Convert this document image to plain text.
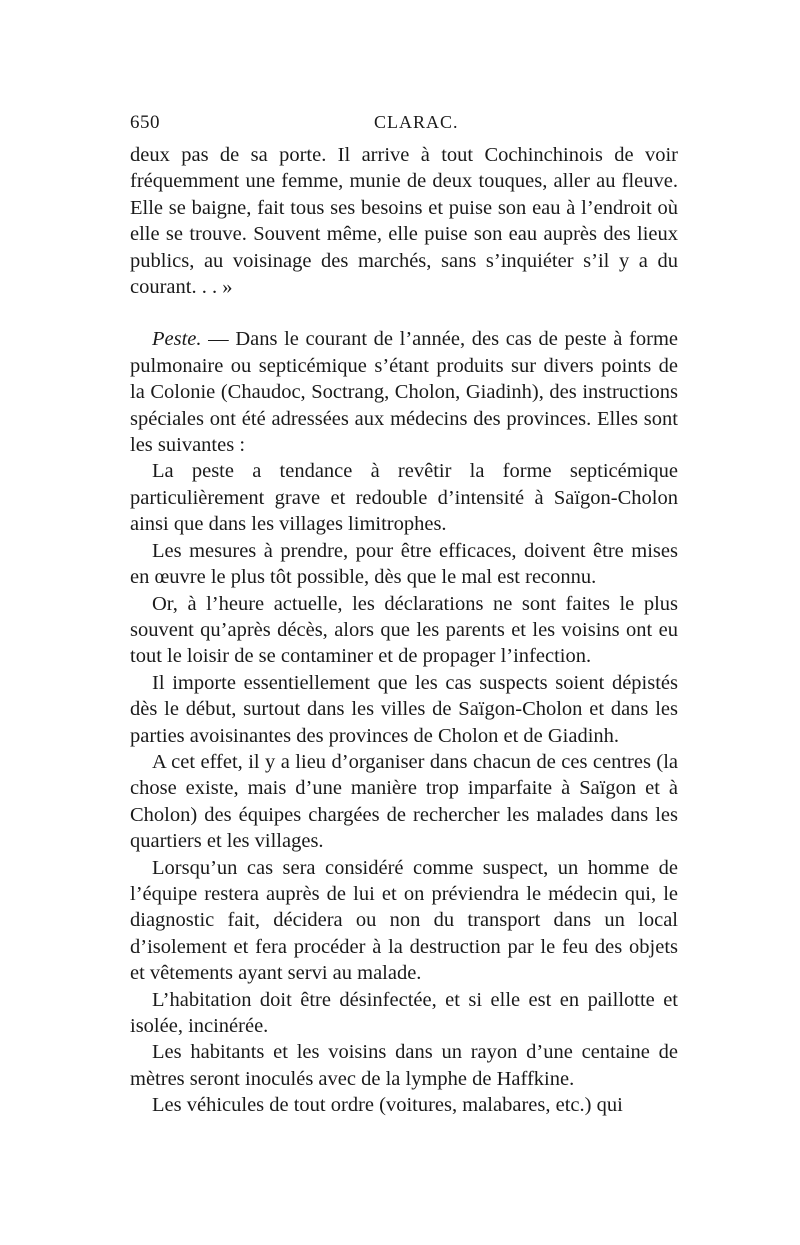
650	CLARAC.

deux pas de sa porte. Il arrive à tout Cochinchinois de voir fréquemment une femme, munie de deux touques, aller au fleuve. Elle se baigne, fait tous ses besoins et puise son eau à l’endroit où elle se trouve. Souvent même, elle puise son eau auprès des lieux publics, au voisinage des marchés, sans s’inquiéter s’il y a du courant. . . »

Peste. — Dans le courant de l’année, des cas de peste à forme pulmonaire ou septicémique s’étant produits sur divers points de la Colonie (Chaudoc, Soctrang, Cholon, Giadinh), des instructions spéciales ont été adressées aux médecins des provinces. Elles sont les suivantes :

La peste a tendance à revêtir la forme septicémique particulièrement grave et redouble d’intensité à Saïgon-Cholon ainsi que dans les villages limitrophes.

Les mesures à prendre, pour être efficaces, doivent être mises en œuvre le plus tôt possible, dès que le mal est reconnu.

Or, à l’heure actuelle, les déclarations ne sont faites le plus souvent qu’après décès, alors que les parents et les voisins ont eu tout le loisir de se contaminer et de propager l’infection.

Il importe essentiellement que les cas suspects soient dépistés dès le début, surtout dans les villes de Saïgon-Cholon et dans les parties avoisinantes des provinces de Cholon et de Giadinh.

A cet effet, il y a lieu d’organiser dans chacun de ces centres (la chose existe, mais d’une manière trop imparfaite à Saïgon et à Cholon) des équipes chargées de rechercher les malades dans les quartiers et les villages.

Lorsqu’un cas sera considéré comme suspect, un homme de l’équipe restera auprès de lui et on préviendra le médecin qui, le diagnostic fait, décidera ou non du transport dans un local d’isolement et fera procéder à la destruction par le feu des objets et vêtements ayant servi au malade.

L’habitation doit être désinfectée, et si elle est en paillotte et isolée, incinérée.

Les habitants et les voisins dans un rayon d’une centaine de mètres seront inoculés avec de la lymphe de Haffkine.

Les véhicules de tout ordre (voitures, malabares, etc.) qui
